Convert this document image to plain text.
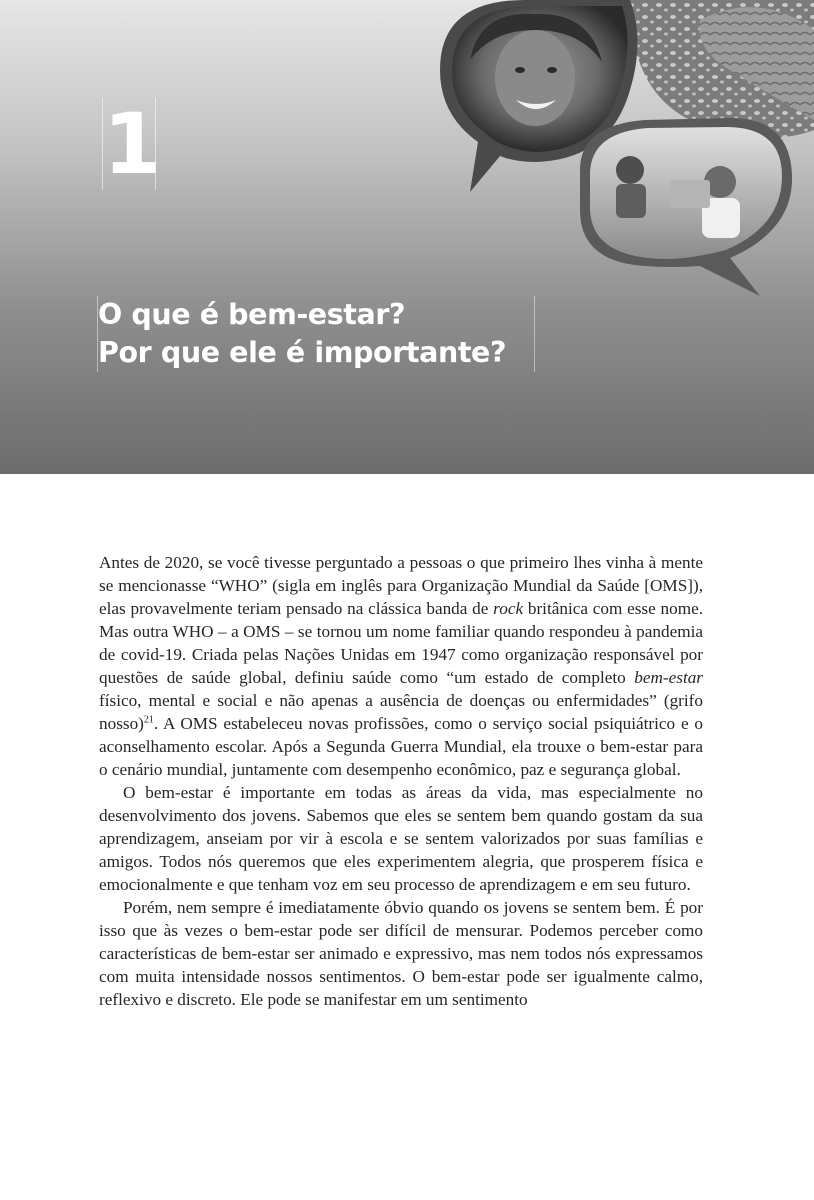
1
O que é bem-estar?
Por que ele é importante?

Antes de 2020, se você tivesse perguntado a pessoas o que primeiro lhes vinha à mente se mencionasse “WHO” (sigla em inglês para Organização Mundial da Saúde [OMS]), elas provavelmente teriam pensado na clássica banda de rock britânica com esse nome. Mas outra WHO – a OMS – se tornou um nome familiar quando respondeu à pandemia de covid-19. Criada pelas Nações Unidas em 1947 como organização responsável por questões de saúde global, definiu saúde como “um estado de completo bem-estar físico, mental e social e não apenas a ausência de doenças ou enfermidades” (grifo nosso)$^{21}$. A OMS estabeleceu novas profissões, como o serviço social psiquiátrico e o aconselhamento escolar. Após a Segunda Guerra Mundial, ela trouxe o bem-estar para o cenário mundial, juntamente com desempenho econômico, paz e segurança global.

O bem-estar é importante em todas as áreas da vida, mas especialmente no desenvolvimento dos jovens. Sabemos que eles se sentem bem quando gostam da sua aprendizagem, anseiam por vir à escola e se sentem valorizados por suas famílias e amigos. Todos nós queremos que eles experimentem alegria, que prosperem física e emocionalmente e que tenham voz em seu processo de aprendizagem e em seu futuro.

Porém, nem sempre é imediatamente óbvio quando os jovens se sentem bem. É por isso que às vezes o bem-estar pode ser difícil de mensurar. Podemos perceber como características de bem-estar ser animado e expressivo, mas nem todos nós expressamos com muita intensidade nossos sentimentos. O bem-estar pode ser igualmente calmo, reflexivo e discreto. Ele pode se manifestar em um sentimento
